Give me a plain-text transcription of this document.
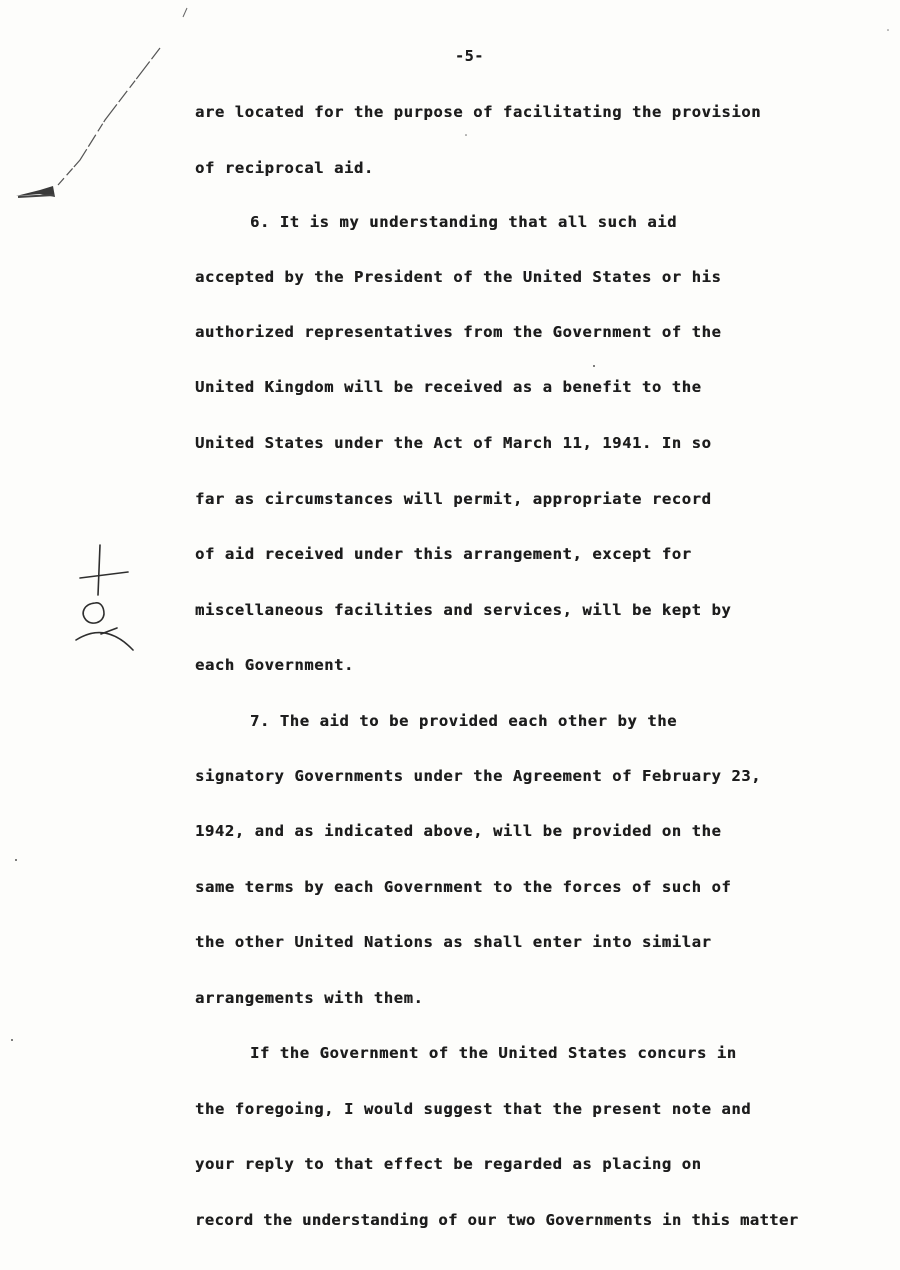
-5-
are located for the purpose of facilitating the provision
of reciprocal aid.
6. It is my understanding that all such aid
accepted by the President of the United States or his
authorized representatives from the Government of the
United Kingdom will be received as a benefit to the
United States under the Act of March 11, 1941. In so
far as circumstances will permit, appropriate record
of aid received under this arrangement, except for
miscellaneous facilities and services, will be kept by
each Government.
7. The aid to be provided each other by the
signatory Governments under the Agreement of February 23,
1942, and as indicated above, will be provided on the
same terms by each Government to the forces of such of
the other United Nations as shall enter into similar
arrangements with them.
If the Government of the United States concurs in
the foregoing, I would suggest that the present note and
your reply to that effect be regarded as placing on
record the understanding of our two Governments in this matter
